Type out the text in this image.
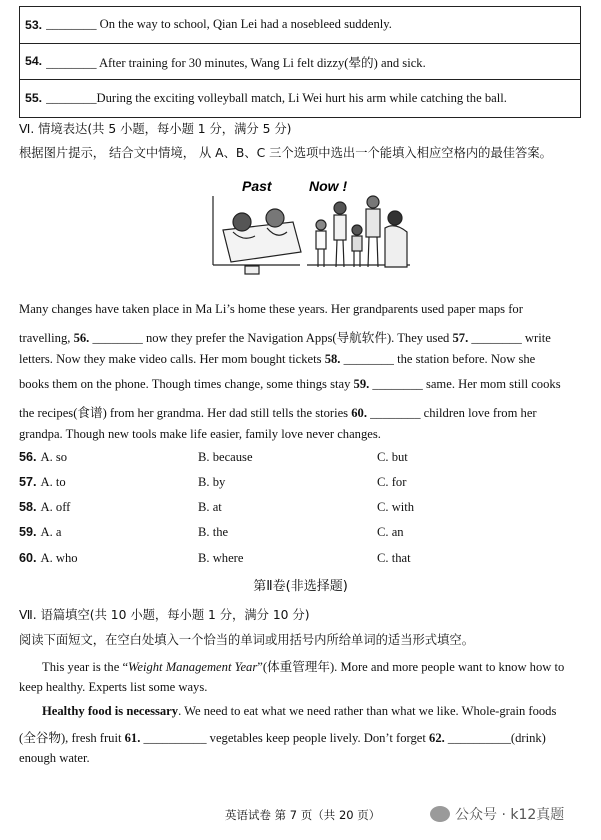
53. ________ On the way to school, Qian Lei had a nosebleed suddenly.
54. ________ After training for 30 minutes, Wang Li felt dizzy(晕的) and sick.
55. ________During the exciting volleyball match, Li Wei hurt his arm while catching the ball.
Ⅵ. 情境表达(共 5 小题，每小题 1 分，满分 5 分)
根据图片提示， 结合文中情境， 从 A、B、C 三个选项中选出一个能填入相应空格内的最佳答案。
Past	Now !
Many changes have taken place in Ma Li’s home these years. Her grandparents used paper maps for
travelling, 56. ________ now they prefer the Navigation Apps(导航软件). They used 57. ________ write
letters. Now they make video calls. Her mom bought tickets 58. ________ the station before. Now she
books them on the phone. Though times change, some things stay 59. ________ same. Her mom still cooks
the recipes(食谱) from her grandma. Her dad still tells the stories 60. ________ children love from her
grandpa. Though new tools make life easier, family love never changes.
56. A. so	B. because	C. but
57. A. to	B. by	C. for
58. A. off	B. at	C. with
59. A. a	B. the	C. an
60. A. who	B. where	C. that
第Ⅱ卷(非选择题)
Ⅶ. 语篇填空(共 10 小题，每小题 1 分，满分 10 分)
阅读下面短文，在空白处填入一个恰当的单词或用括号内所给单词的适当形式填空。
This year is the “Weight Management Year”(体重管理年). More and more people want to know how to
keep healthy. Experts list some ways.
Healthy food is necessary. We need to eat what we need rather than what we like. Whole-grain foods
(全谷物), fresh fruit 61. __________ vegetables keep people lively. Don’t forget 62. __________(drink)
enough water.
英语试卷 第 7 页（共 20 页）	公众号 · k12真题
